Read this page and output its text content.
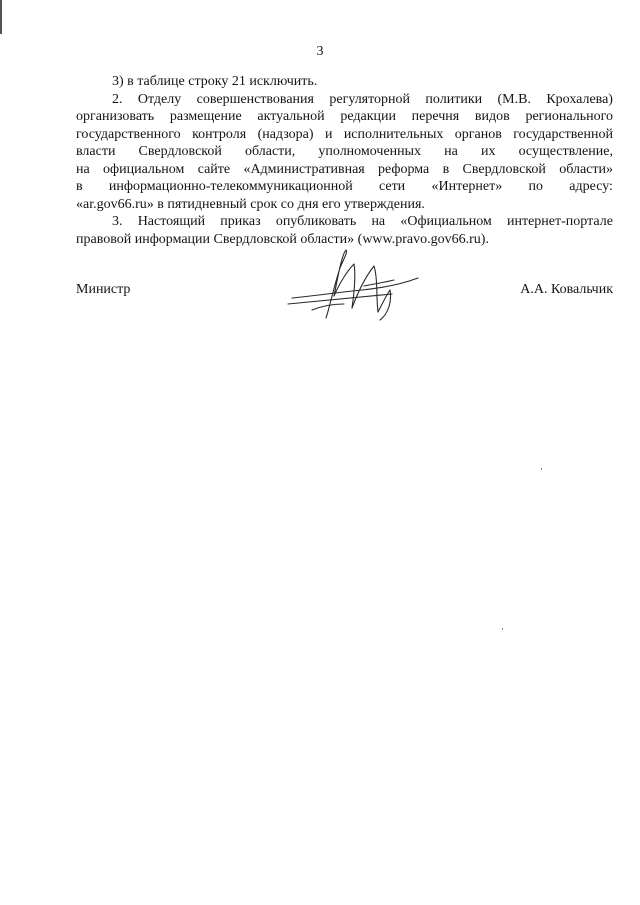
3

3) в таблице строку 21 исключить.

2. Отделу совершенствования регуляторной политики (М.В. Крохалева)
организовать размещение актуальной редакции перечня видов регионального
государственного контроля (надзора) и исполнительных органов государственной
власти Свердловской области, уполномоченных на их осуществление,
на официальном сайте «Административная реформа в Свердловской области»
в информационно-телекоммуникационной сети «Интернет» по адресу:
«ar.gov66.ru» в пятидневный срок со дня его утверждения.
3. Настоящий приказ опубликовать на «Официальном интернет-портале
правовой информации Свердловской области» (www.pravo.gov66.ru).
Министр	А.А. Ковальчик
